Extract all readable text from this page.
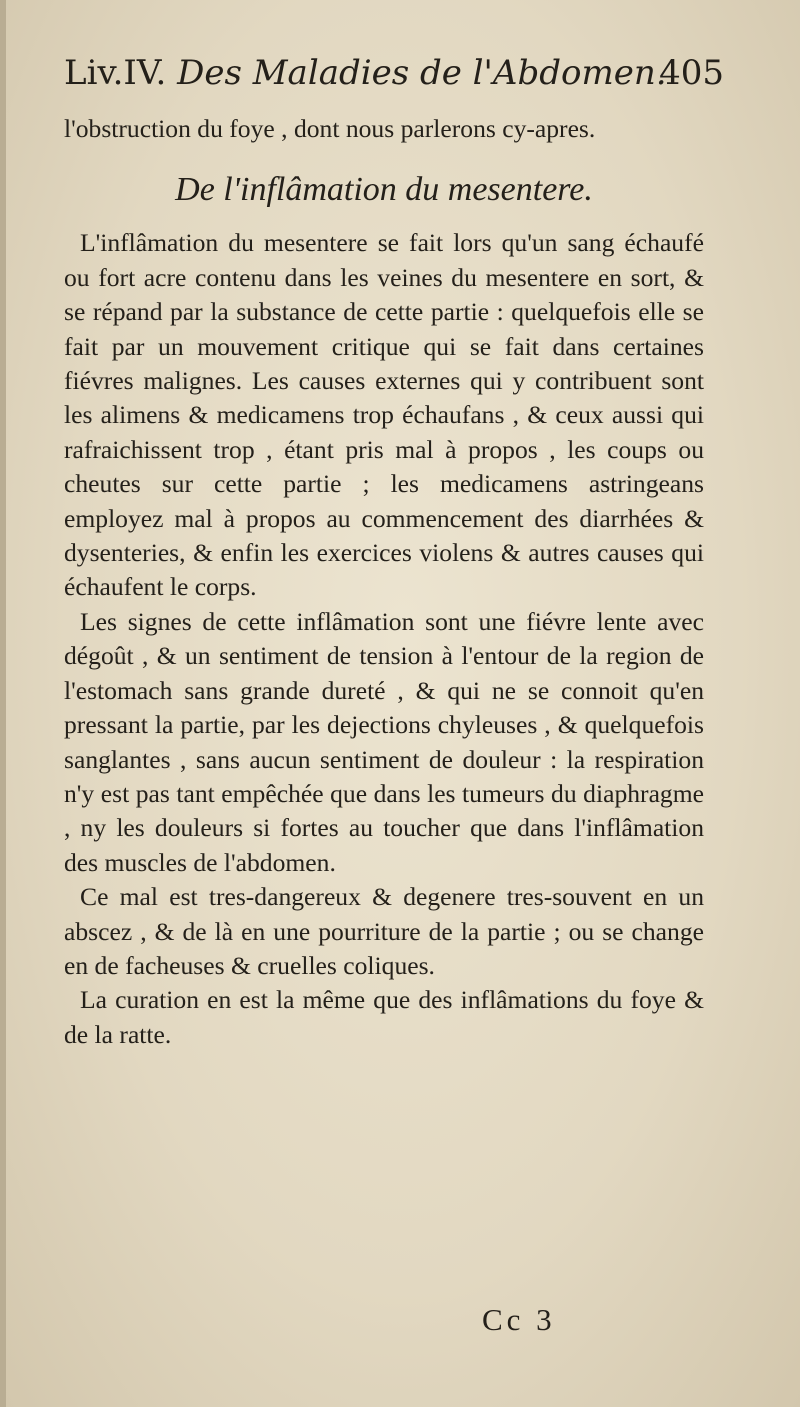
Liv.IV. Des Maladies de l'Abdomen.
405

l'obstruction du foye , dont nous parlerons cy-apres.

De l'inflâmation du mesentere.

L'inflâmation du mesentere se fait lors qu'un sang échaufé ou fort acre contenu dans les veines du mesentere en sort, & se répand par la substance de cette partie : quelquefois elle se fait par un mouvement critique qui se fait dans certaines fiévres malignes. Les causes externes qui y contribuent sont les alimens & medicamens trop échaufans , & ceux aussi qui rafraichissent trop , étant pris mal à propos , les coups ou cheutes sur cette partie ; les medicamens astringeans employez mal à propos au commencement des diarrhées & dysenteries, & enfin les exercices violens & autres causes qui échaufent le corps.

Les signes de cette inflâmation sont une fiévre lente avec dégoût , & un sentiment de tension à l'entour de la region de l'estomach sans grande dureté , & qui ne se connoit qu'en pressant la partie, par les dejections chyleuses , & quelquefois sanglantes , sans aucun sentiment de douleur : la respiration n'y est pas tant empêchée que dans les tumeurs du diaphragme , ny les douleurs si fortes au toucher que dans l'inflâmation des muscles de l'abdomen.

Ce mal est tres-dangereux & degenere tres-souvent en un abscez , & de là en une pourriture de la partie ; ou se change en de facheuses & cruelles coliques.

La curation en est la même que des inflâmations du foye & de la ratte.

Cc 3
